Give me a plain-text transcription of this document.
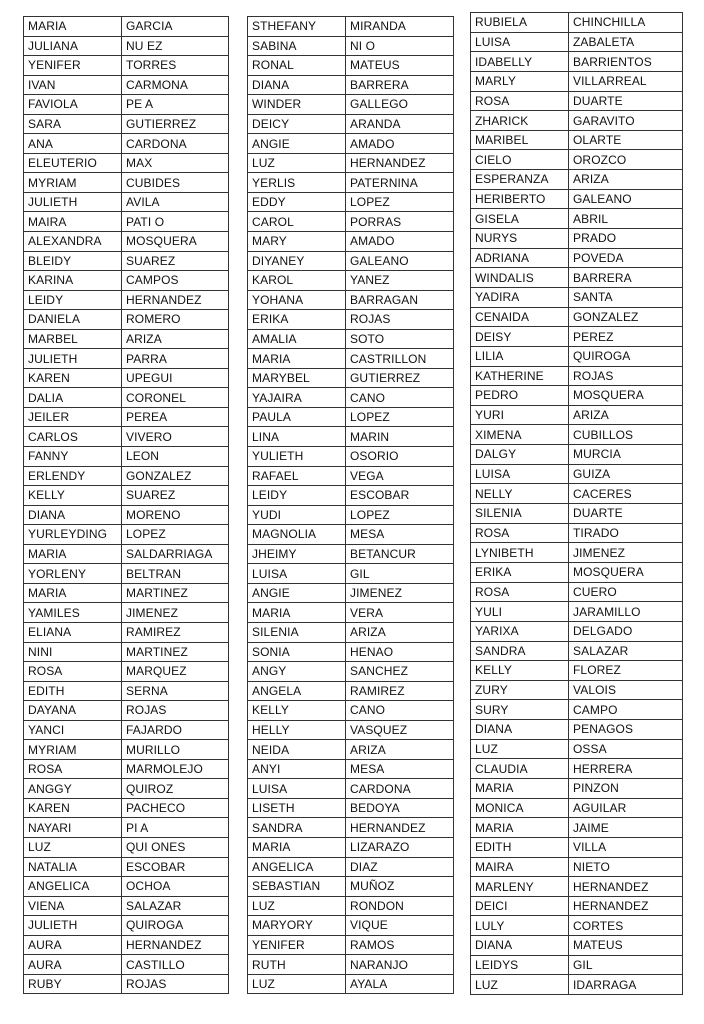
MARIA	GARCIA
JULIANA	NU EZ
YENIFER	TORRES
IVAN	CARMONA
FAVIOLA	PE A
SARA	GUTIERREZ
ANA	CARDONA
ELEUTERIO	MAX
MYRIAM	CUBIDES
JULIETH	AVILA
MAIRA	PATI O
ALEXANDRA	MOSQUERA
BLEIDY	SUAREZ
KARINA	CAMPOS
LEIDY	HERNANDEZ
DANIELA	ROMERO
MARBEL	ARIZA
JULIETH	PARRA
KAREN	UPEGUI
DALIA	CORONEL
JEILER	PEREA
CARLOS	VIVERO
FANNY	LEON
ERLENDY	GONZALEZ
KELLY	SUAREZ
DIANA	MORENO
YURLEYDING	LOPEZ
MARIA	SALDARRIAGA
YORLENY	BELTRAN
MARIA	MARTINEZ
YAMILES	JIMENEZ
ELIANA	RAMIREZ
NINI	MARTINEZ
ROSA	MARQUEZ
EDITH	SERNA
DAYANA	ROJAS
YANCI	FAJARDO
MYRIAM	MURILLO
ROSA	MARMOLEJO
ANGGY	QUIROZ
KAREN	PACHECO
NAYARI	PI A
LUZ	QUI ONES
NATALIA	ESCOBAR
ANGELICA	OCHOA
VIENA	SALAZAR
JULIETH	QUIROGA
AURA	HERNANDEZ
AURA	CASTILLO
RUBY	ROJAS
STHEFANY	MIRANDA
SABINA	NI O
RONAL	MATEUS
DIANA	BARRERA
WINDER	GALLEGO
DEICY	ARANDA
ANGIE	AMADO
LUZ	HERNANDEZ
YERLIS	PATERNINA
EDDY	LOPEZ
CAROL	PORRAS
MARY	AMADO
DIYANEY	GALEANO
KAROL	YANEZ
YOHANA	BARRAGAN
ERIKA	ROJAS
AMALIA	SOTO
MARIA	CASTRILLON
MARYBEL	GUTIERREZ
YAJAIRA	CANO
PAULA	LOPEZ
LINA	MARIN
YULIETH	OSORIO
RAFAEL	VEGA
LEIDY	ESCOBAR
YUDI	LOPEZ
MAGNOLIA	MESA
JHEIMY	BETANCUR
LUISA	GIL
ANGIE	JIMENEZ
MARIA	VERA
SILENIA	ARIZA
SONIA	HENAO
ANGY	SANCHEZ
ANGELA	RAMIREZ
KELLY	CANO
HELLY	VASQUEZ
NEIDA	ARIZA
ANYI	MESA
LUISA	CARDONA
LISETH	BEDOYA
SANDRA	HERNANDEZ
MARIA	LIZARAZO
ANGELICA	DIAZ
SEBASTIAN	MUÑOZ
LUZ	RONDON
MARYORY	VIQUE
YENIFER	RAMOS
RUTH	NARANJO
LUZ	AYALA
RUBIELA	CHINCHILLA
LUISA	ZABALETA
IDABELLY	BARRIENTOS
MARLY	VILLARREAL
ROSA	DUARTE
ZHARICK	GARAVITO
MARIBEL	OLARTE
CIELO	OROZCO
ESPERANZA	ARIZA
HERIBERTO	GALEANO
GISELA	ABRIL
NURYS	PRADO
ADRIANA	POVEDA
WINDALIS	BARRERA
YADIRA	SANTA
CENAIDA	GONZALEZ
DEISY	PEREZ
LILIA	QUIROGA
KATHERINE	ROJAS
PEDRO	MOSQUERA
YURI	ARIZA
XIMENA	CUBILLOS
DALGY	MURCIA
LUISA	GUIZA
NELLY	CACERES
SILENIA	DUARTE
ROSA	TIRADO
LYNIBETH	JIMENEZ
ERIKA	MOSQUERA
ROSA	CUERO
YULI	JARAMILLO
YARIXA	DELGADO
SANDRA	SALAZAR
KELLY	FLOREZ
ZURY	VALOIS
SURY	CAMPO
DIANA	PENAGOS
LUZ	OSSA
CLAUDIA	HERRERA
MARIA	PINZON
MONICA	AGUILAR
MARIA	JAIME
EDITH	VILLA
MAIRA	NIETO
MARLENY	HERNANDEZ
DEICI	HERNANDEZ
LULY	CORTES
DIANA	MATEUS
LEIDYS	GIL
LUZ	IDARRAGA
